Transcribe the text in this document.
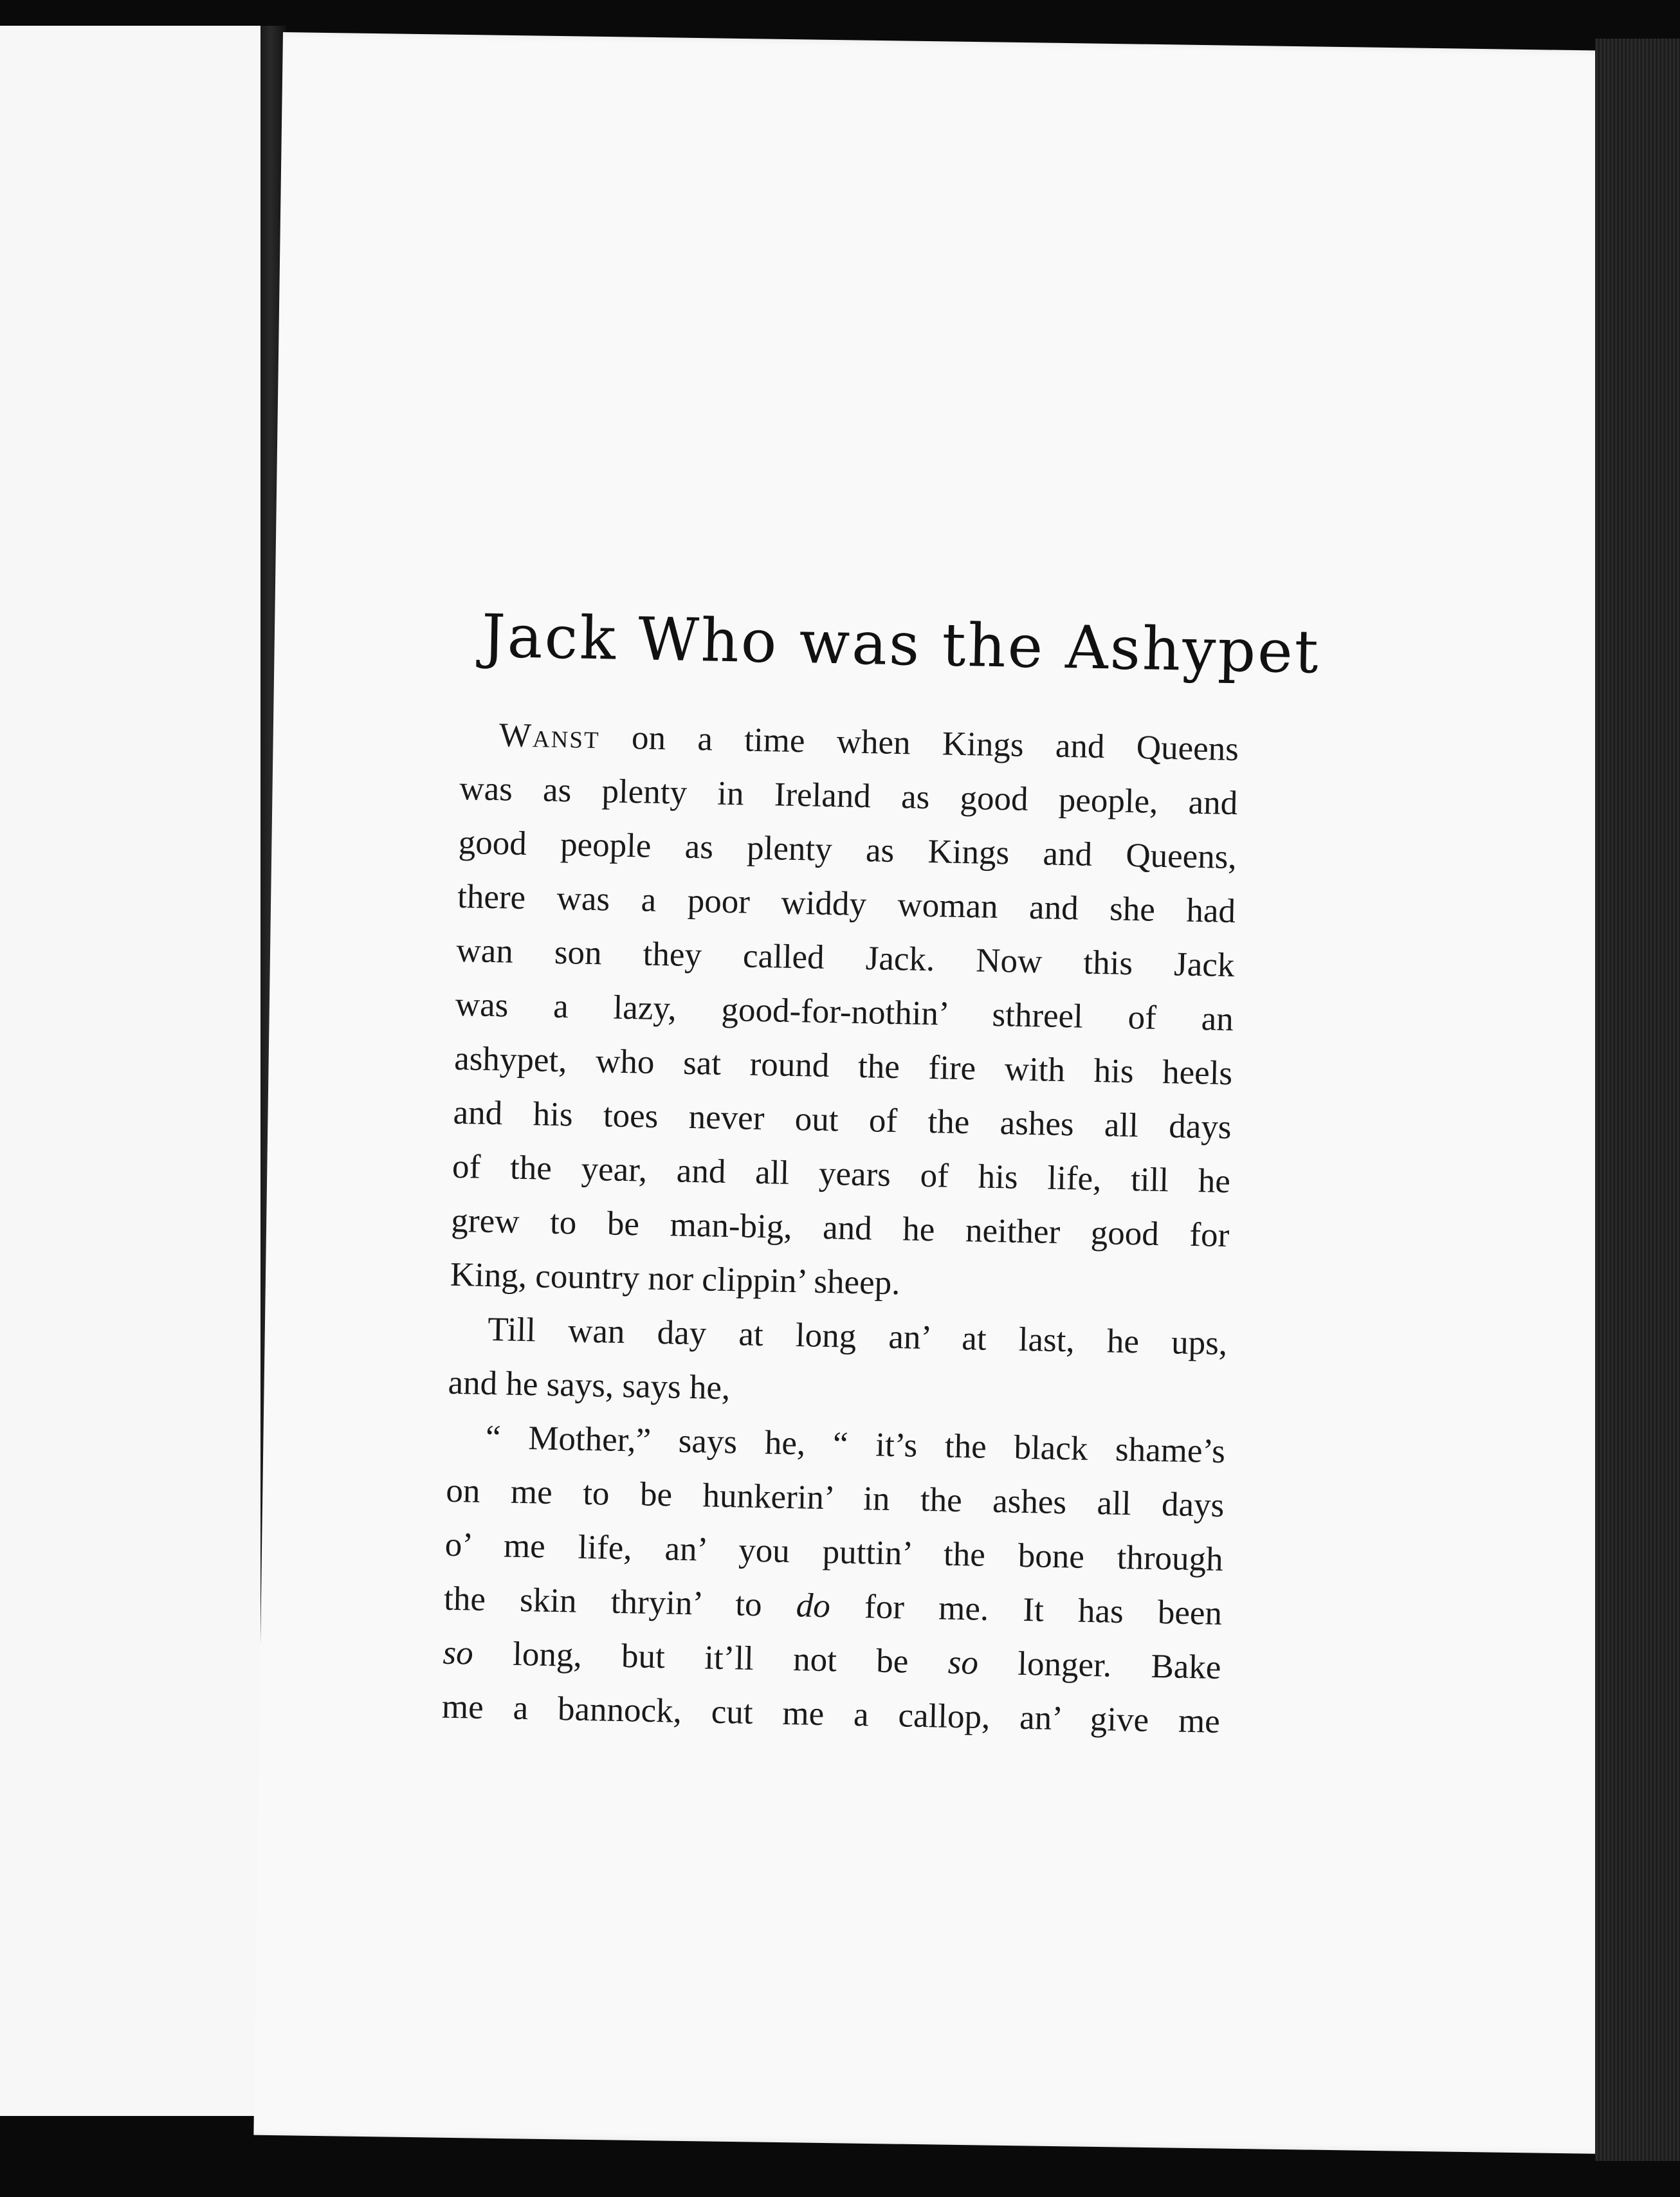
Jack Who was the Ashypet

Wanst on a time when Kings and Queens
was as plenty in Ireland as good people, and
good people as plenty as Kings and Queens,
there was a poor widdy woman and she had
wan son they called Jack. Now this Jack
was a lazy, good-for-nothin’ sthreel of an
ashypet, who sat round the fire with his heels
and his toes never out of the ashes all days
of the year, and all years of his life, till he
grew to be man-big, and he neither good for
King, country nor clippin’ sheep.

Till wan day at long an’ at last, he ups,
and he says, says he,

“ Mother,” says he, “ it’s the black shame’s
on me to be hunkerin’ in the ashes all days
o’ me life, an’ you puttin’ the bone through
the skin thryin’ to do for me. It has been
so long, but it’ll not be so longer. Bake
me a bannock, cut me a callop, an’ give me
